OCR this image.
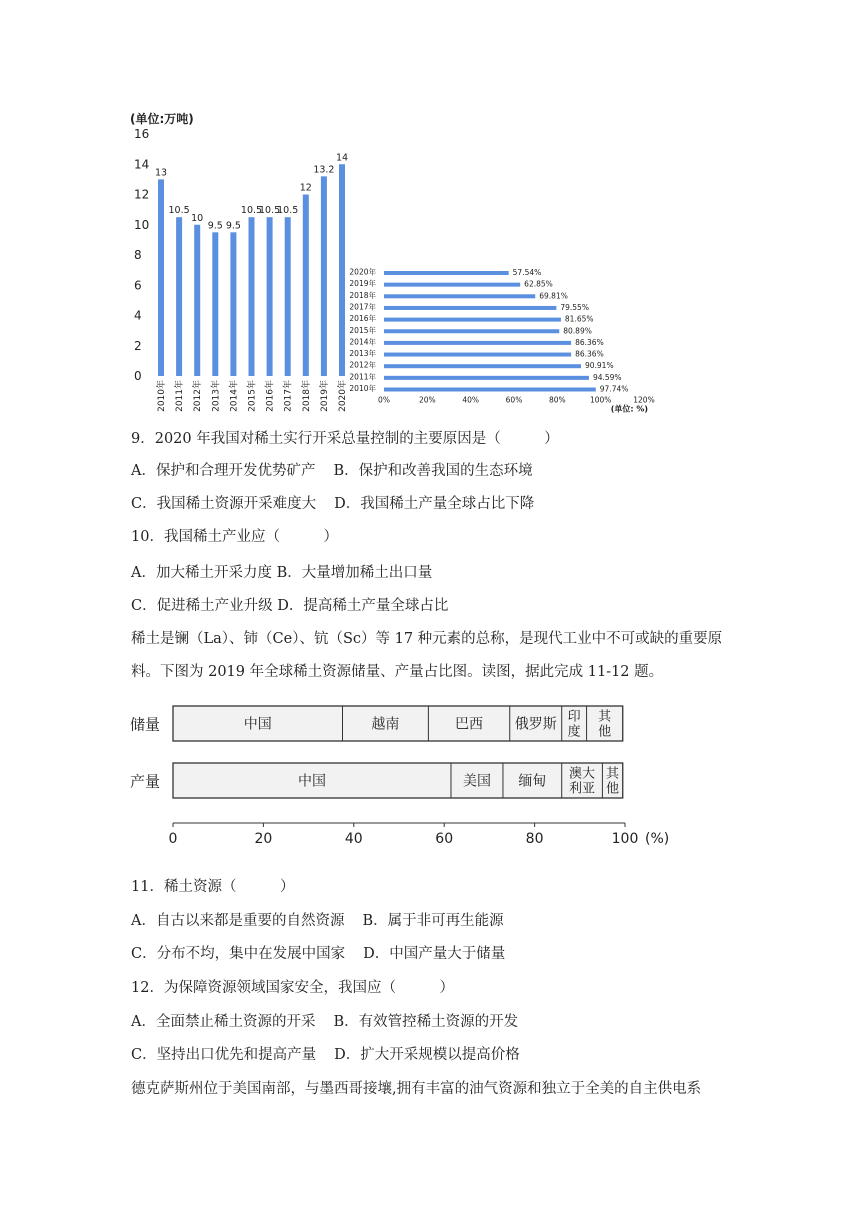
(单位:万吨)
0
2
4
6
8
10
12
14
16
13
2010年
10.5
2011年
10
2012年
9.5
2013年
9.5
2014年
10.5
2015年
10.5
2016年
10.5
2017年
12
2018年
13.2
2019年
14
2020年
2020年	57.54%
2019年	62.85%
2018年	69.81%
2017年	79.55%
2016年	81.65%
2015年	80.89%
2014年	86.36%
2013年	86.36%
2012年	90.91%
2011年	94.59%
2010年	97.74%
0%	20%	40%	60%	80%	100%	120%
(单位: %)
9．2020 年我国对稀土实行开采总量控制的主要原因是（　　　）
A．保护和合理开发优势矿产 B．保护和改善我国的生态环境
C．我国稀土资源开采难度大 D．我国稀土产量全球占比下降
10．我国稀土产业应（　　　）
A．加大稀土开采力度 B．大量增加稀土出口量
C．促进稀土产业升级 D．提高稀土产量全球占比
稀土是镧（La）、铈（Ce）、钪（Sc）等 17 种元素的总称，是现代工业中不可或缺的重要原
料。下图为 2019 年全球稀土资源储量、产量占比图。读图，据此完成 11-12 题。
储量	中国	越南	巴西 俄罗斯 印
度
其
他
产量	中国	美国 缅甸 澳大
利亚
其
他
0	20	40	60	80	100 (%)
11．稀土资源（　　　）
A．自古以来都是重要的自然资源 B．属于非可再生能源
C．分布不均，集中在发展中国家 D．中国产量大于储量
12．为保障资源领域国家安全，我国应（　　　）
A．全面禁止稀土资源的开采 B．有效管控稀土资源的开发
C．坚持出口优先和提高产量 D．扩大开采规模以提高价格
德克萨斯州位于美国南部，与墨西哥接壤,拥有丰富的油气资源和独立于全美的自主供电系
